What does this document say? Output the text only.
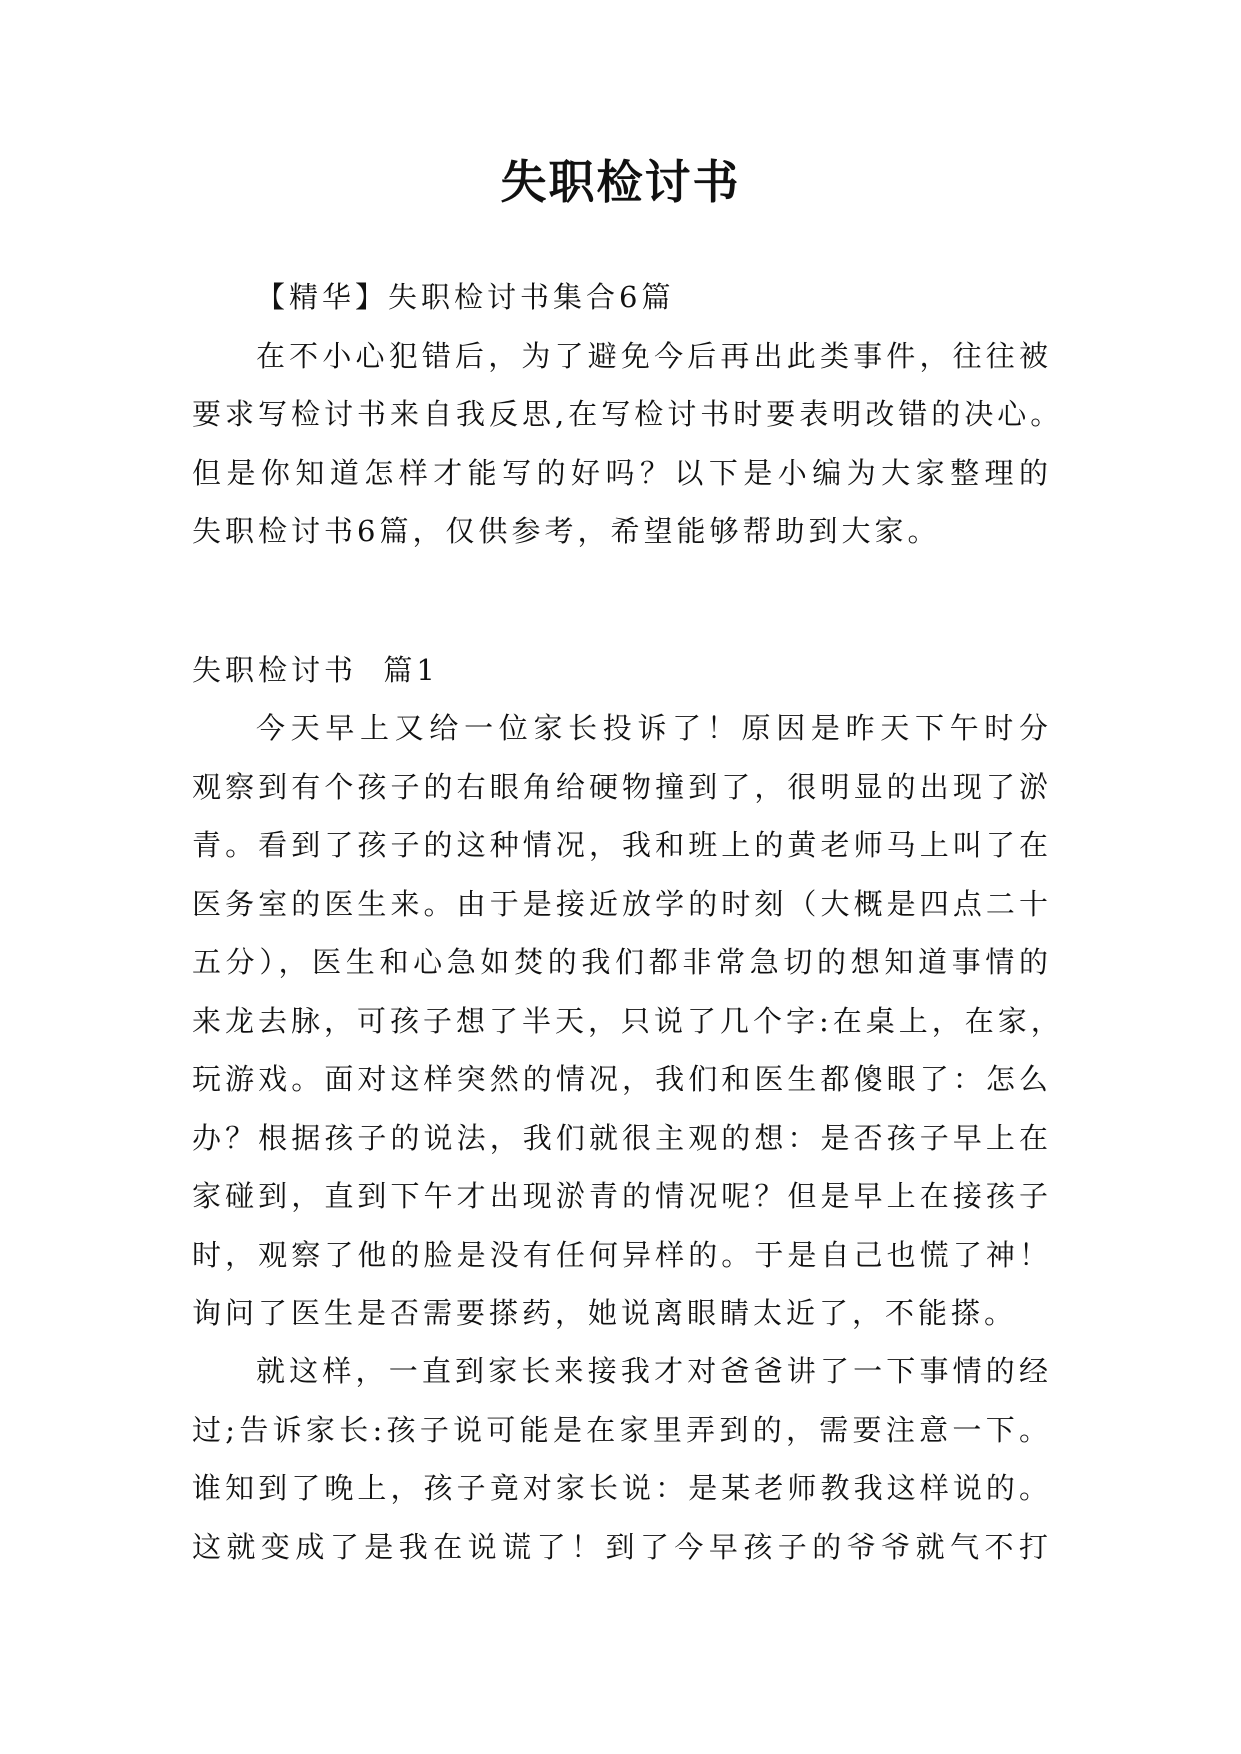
失职检讨书
【精华】失职检讨书集合6篇
在不小心犯错后，为了避免今后再出此类事件，往往被
要求写检讨书来自我反思,在写检讨书时要表明改错的决心。
但是你知道怎样才能写的好吗？以下是小编为大家整理的
失职检讨书6篇，仅供参考，希望能够帮助到大家。
失职检讨书  篇1
今天早上又给一位家长投诉了！原因是昨天下午时分
观察到有个孩子的右眼角给硬物撞到了，很明显的出现了淤
青。看到了孩子的这种情况，我和班上的黄老师马上叫了在
医务室的医生来。由于是接近放学的时刻（大概是四点二十
五分），医生和心急如焚的我们都非常急切的想知道事情的
来龙去脉，可孩子想了半天，只说了几个字:在桌上，在家，
玩游戏。面对这样突然的情况，我们和医生都傻眼了：怎么
办？根据孩子的说法，我们就很主观的想：是否孩子早上在
家碰到，直到下午才出现淤青的情况呢？但是早上在接孩子
时，观察了他的脸是没有任何异样的。于是自己也慌了神！
询问了医生是否需要搽药，她说离眼睛太近了，不能搽。
就这样，一直到家长来接我才对爸爸讲了一下事情的经
过;告诉家长:孩子说可能是在家里弄到的，需要注意一下。
谁知到了晚上，孩子竟对家长说：是某老师教我这样说的。
这就变成了是我在说谎了！到了今早孩子的爷爷就气不打
